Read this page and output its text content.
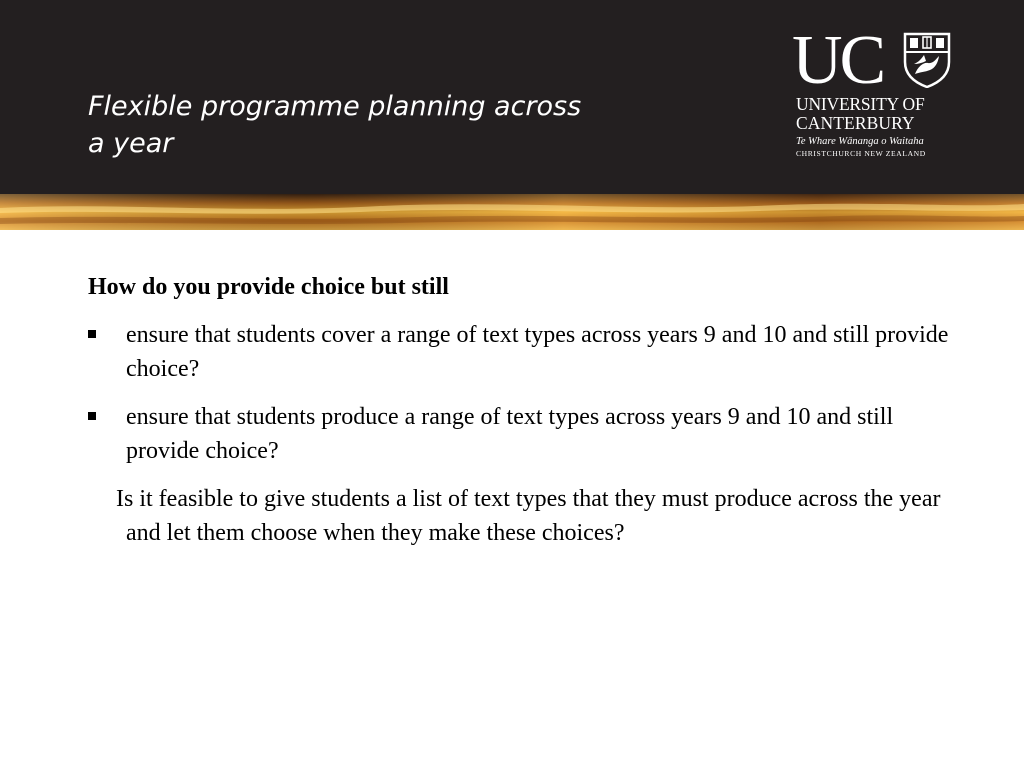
Flexible programme planning across
a year
UC
UNIVERSITY OF
CANTERBURY
Te Whare Wānanga o Waitaha
CHRISTCHURCH NEW ZEALAND

How do you provide choice but still

ensure that students cover a range of text types across years 9 and 10 and still provide choice?
ensure that students produce a range of text types across years 9 and 10 and still provide choice?

Is it feasible to give students a list of text types that they must produce across the year and let them choose when they make these choices?
